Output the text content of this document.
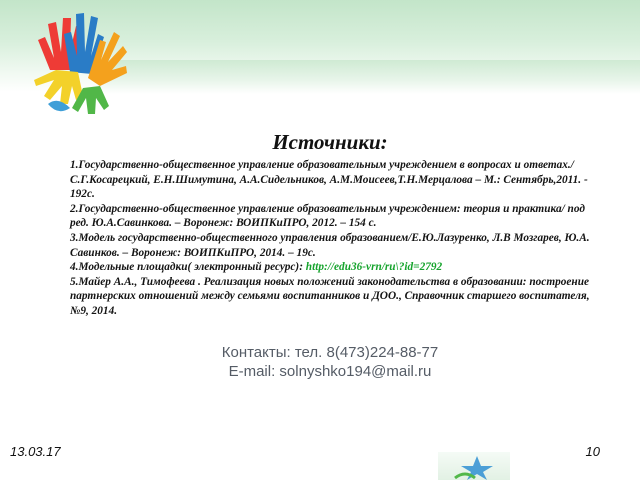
Источники:
1.Государственно-общественное управление образовательным учреждением в вопросах и ответах./С.Г.Косарецкий, Е.Н.Шимутина, А.А.Сидельников, А.М.Моисеев,Т.Н.Мерцалова – М.: Сентябрь,2011. - 192с.
2.Государственно-общественное управление образовательным учреждением: теория и практика/ под ред. Ю.А.Савинкова. – Воронеж: ВОИПКиПРО, 2012. – 154 с.
3.Модель государственно-общественного управления образованием/Е.Ю.Лазуренко, Л.В Мозгарев, Ю.А. Савинков. – Воронеж: ВОИПКиПРО, 2014. – 19с.
4.Модельные площадки( электронный ресурс): http://edu36-vrn/ru\?id=2792
5.Майер А.А., Тимофеева . Реализация новых положений законодательства в образовании: построение партнерских отношений между семьями воспитанников и ДОО., Справочник старшего воспитателя, №9, 2014.
Контакты: тел. 8(473)224-88-77
E-mail: solnyshko194@mail.ru
13.03.17	10
